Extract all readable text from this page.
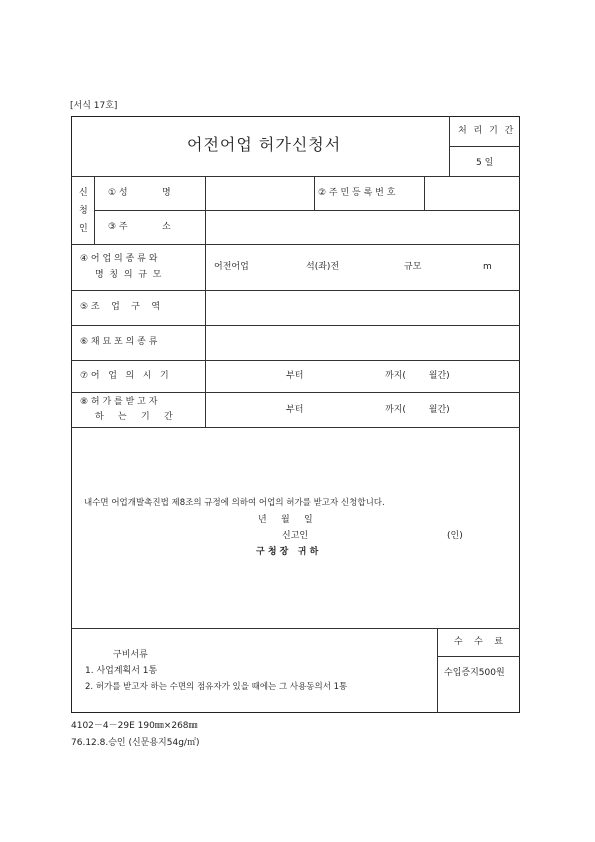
[서식 17호]
어전어업 허가신청서
처 리 기 간
5 일
신
청
인
① 성            명	② 주 민 등 록 번 호
③ 주            소
④ 어 업 의 종 류 와
명  칭  의  규  모
어전어업	석(좌)전	규모	m
⑤ 조    업    구    역
⑥ 채 묘 포 의 종 류
⑦ 어   업   의   시   기	부터	까지(        월간)
⑧ 허 가 를 받 고 자
하     는     기     간
부터	까지(        월간)
내수면 어업개발촉진법 제8조의 규정에 의하여 어업의 허가를 받고자 신청합니다.
년     월     일
신고인	(인)
구 청 장   귀 하
구비서류
1. 사업계획서 1통
2. 허가를 받고자 하는 수면의 점유자가 있을 때에는 그 사용동의서 1통
수    수    료
수입증지500원
4102－4－29E 190㎜×268㎜
76.12.8.승인 (신문용지54g/㎡)
